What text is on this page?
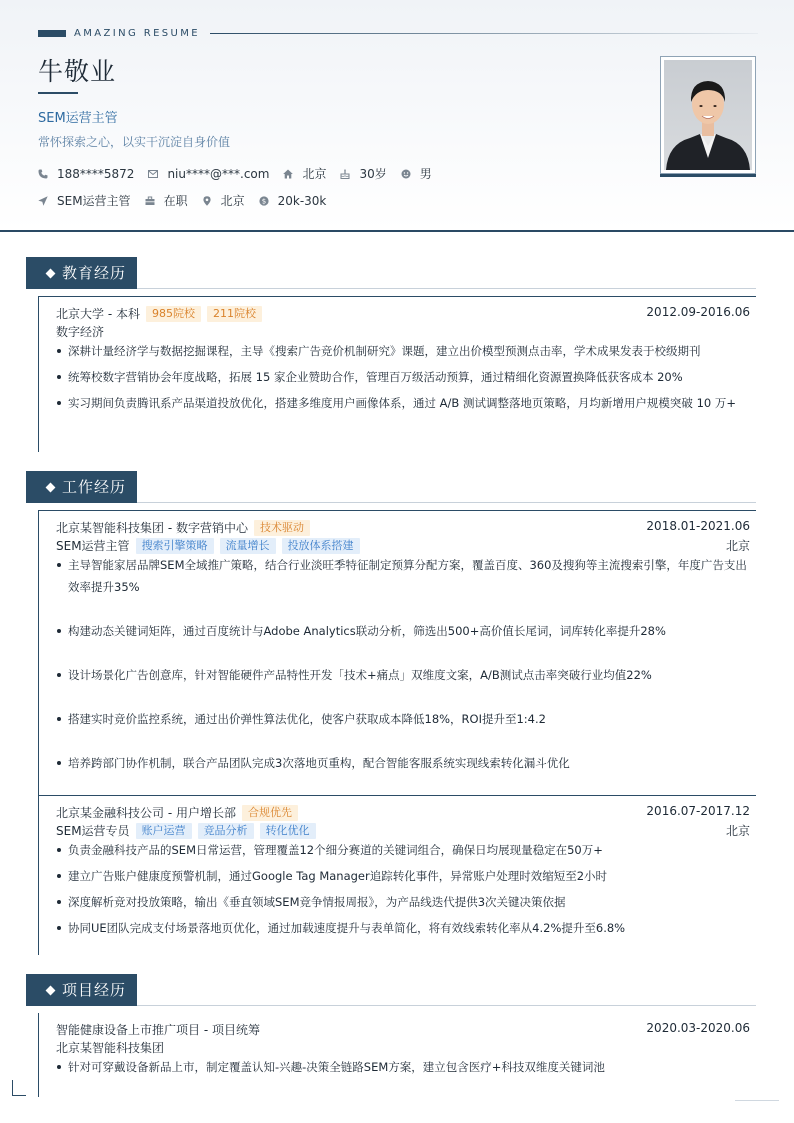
AMAZING RESUME
牛敬业
SEM运营主管
常怀探索之心，以实干沉淀自身价值
188****5872	niu****@***.com	北京	30岁	男
SEM运营主管	在职	北京 $ 20k-30k
教育经历
北京大学 - 本科	985院校	211院校	2012.09-2016.06
数字经济
深耕计量经济学与数据挖掘课程，主导《搜索广告竞价机制研究》课题，建立出价模型预测点击率，学术成果发表于校级期刊
统筹校数字营销协会年度战略，拓展 15 家企业赞助合作，管理百万级活动预算，通过精细化资源置换降低获客成本 20%
实习期间负责腾讯系产品渠道投放优化，搭建多维度用户画像体系，通过 A/B 测试调整落地页策略，月均新增用户规模突破 10 万+
工作经历
北京某智能科技集团 - 数字营销中心	技术驱动	2018.01-2021.06
SEM运营主管	搜索引擎策略	流量增长	投放体系搭建	北京
主导智能家居品牌SEM全域推广策略，结合行业淡旺季特征制定预算分配方案，覆盖百度、360及搜狗等主流搜索引擎，年度广告支出效率提升35%
构建动态关键词矩阵，通过百度统计与Adobe Analytics联动分析，筛选出500+高价值长尾词，词库转化率提升28%
设计场景化广告创意库，针对智能硬件产品特性开发「技术+痛点」双维度文案，A/B测试点击率突破行业均值22%
搭建实时竞价监控系统，通过出价弹性算法优化，使客户获取成本降低18%，ROI提升至1:4.2
培养跨部门协作机制，联合产品团队完成3次落地页重构，配合智能客服系统实现线索转化漏斗优化
北京某金融科技公司 - 用户增长部	合规优先	2016.07-2017.12
SEM运营专员	账户运营	竞品分析	转化优化	北京
负责金融科技产品的SEM日常运营，管理覆盖12个细分赛道的关键词组合，确保日均展现量稳定在50万+
建立广告账户健康度预警机制，通过Google Tag Manager追踪转化事件，异常账户处理时效缩短至2小时
深度解析竞对投放策略，输出《垂直领域SEM竞争情报周报》，为产品线迭代提供3次关键决策依据
协同UE团队完成支付场景落地页优化，通过加载速度提升与表单简化，将有效线索转化率从4.2%提升至6.8%
项目经历
智能健康设备上市推广项目 - 项目统筹	2020.03-2020.06
北京某智能科技集团
针对可穿戴设备新品上市，制定覆盖认知-兴趣-决策全链路SEM方案，建立包含医疗+科技双维度关键词池
